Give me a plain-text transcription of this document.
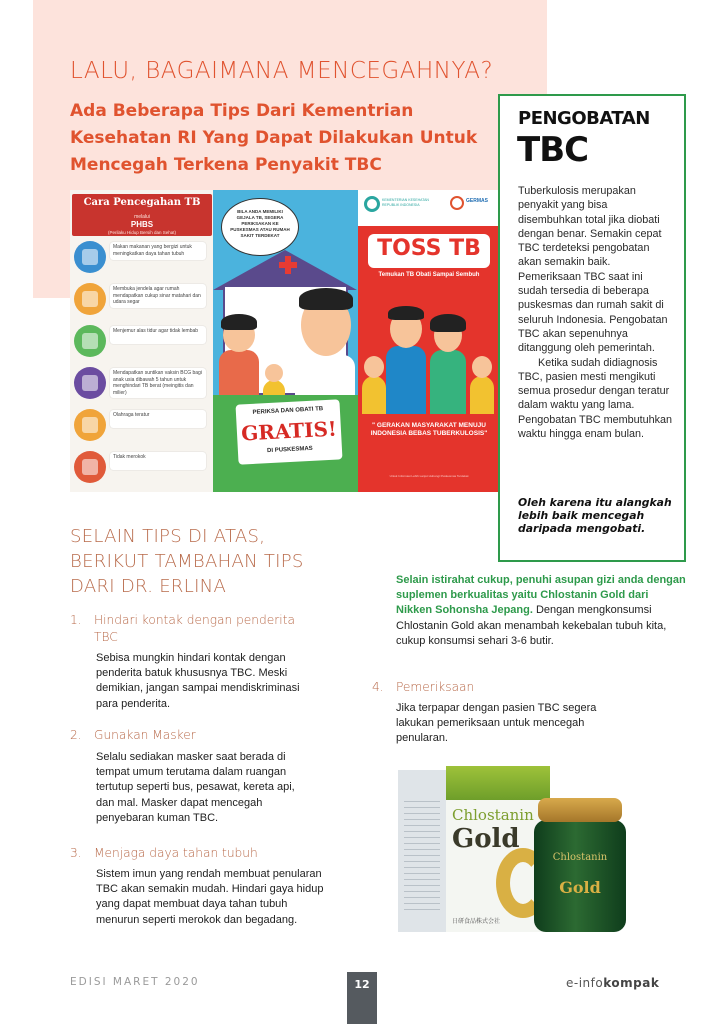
LALU, BAGAIMANA MENCEGAHNYA?
Ada Beberapa Tips Dari Kementrian Kesehatan RI Yang Dapat Dilakukan Untuk Mencegah Terkena Penyakit TBC
Cara Pencegahan TB
melalui
PHBS
(Perilaku Hidup Bersih dan Sehat)
Makan makanan yang bergizi untuk meningkatkan daya tahan tubuh
Membuka jendela agar rumah mendapatkan cukup sinar matahari dan udara segar
Menjemur alas tidur agar tidak lembab
Mendapatkan suntikan vaksin BCG bagi anak usia dibawah 5 tahun untuk menghindari TB berat (meingitis dan milier)
Olahraga teratur
Tidak merokok
BILA ANDA MEMILIKI GEJALA TB, SEGERA PERIKSAKAN KE PUSKESMAS ATAU RUMAH SAKIT TERDEKAT
PERIKSA DAN OBATI TB
GRATIS!
DI PUSKESMAS
KEMENTERIAN KESEHATAN REPUBLIK INDONESIA
GERMAS
TOSS TB
Temukan TB Obati Sampai Sembuh
" GERAKAN MASYARAKAT MENUJU INDONESIA BEBAS TUBERKULOSIS"
Untuk Informasi Lebih Lanjut Hubungi Puskesmas Terdekat
PENGOBATAN
TBC

Tuberkulosis merupakan penyakit yang bisa disembuhkan total jika diobati dengan benar. Semakin cepat TBC terdeteksi pengobatan akan semakin baik. Pemeriksaan TBC saat ini sudah tersedia di beberapa puskesmas dan rumah sakit di seluruh Indonesia. Pengobatan TBC akan sepenuhnya ditanggung oleh pemerintah.

Ketika sudah didiagnosis TBC, pasien mesti mengikuti semua prosedur dengan teratur dalam waktu yang lama. Pengobatan TBC membutuhkan waktu hingga enam bulan.

Oleh karena itu alangkah lebih baik mencegah daripada mengobati.
SELAIN TIPS DI ATAS, BERIKUT TAMBAHAN TIPS DARI DR. ERLINA
1. Hindari kontak dengan penderita TBC
Sebisa mungkin hindari kontak dengan penderita batuk khususnya TBC. Meski demikian, jangan sampai mendiskriminasi para penderita.
2. Gunakan Masker
Selalu sediakan masker saat berada di tempat umum terutama dalam ruangan tertutup seperti bus, pesawat, kereta api, dan mal. Masker dapat mencegah penyebaran kuman TBC.
3. Menjaga daya tahan tubuh
Sistem imun yang rendah membuat penularan TBC akan semakin mudah. Hindari gaya hidup yang dapat membuat daya tahan tubuh menurun seperti merokok dan begadang.
Selain istirahat cukup, penuhi asupan gizi anda dengan suplemen berkualitas yaitu Chlostanin Gold dari Nikken Sohonsha Jepang. Dengan mengkonsumsi Chlostanin Gold akan menambah kekebalan tubuh kita, cukup konsumsi sehari 3-6 butir.
4. Pemeriksaan
Jika terpapar dengan pasien TBC segera lakukan pemeriksaan untuk mencegah penularan.
Chlostanin
Gold
日研食品株式会社
Chlostanin
Gold
EDISI MARET 2020	12	e-infokompak
